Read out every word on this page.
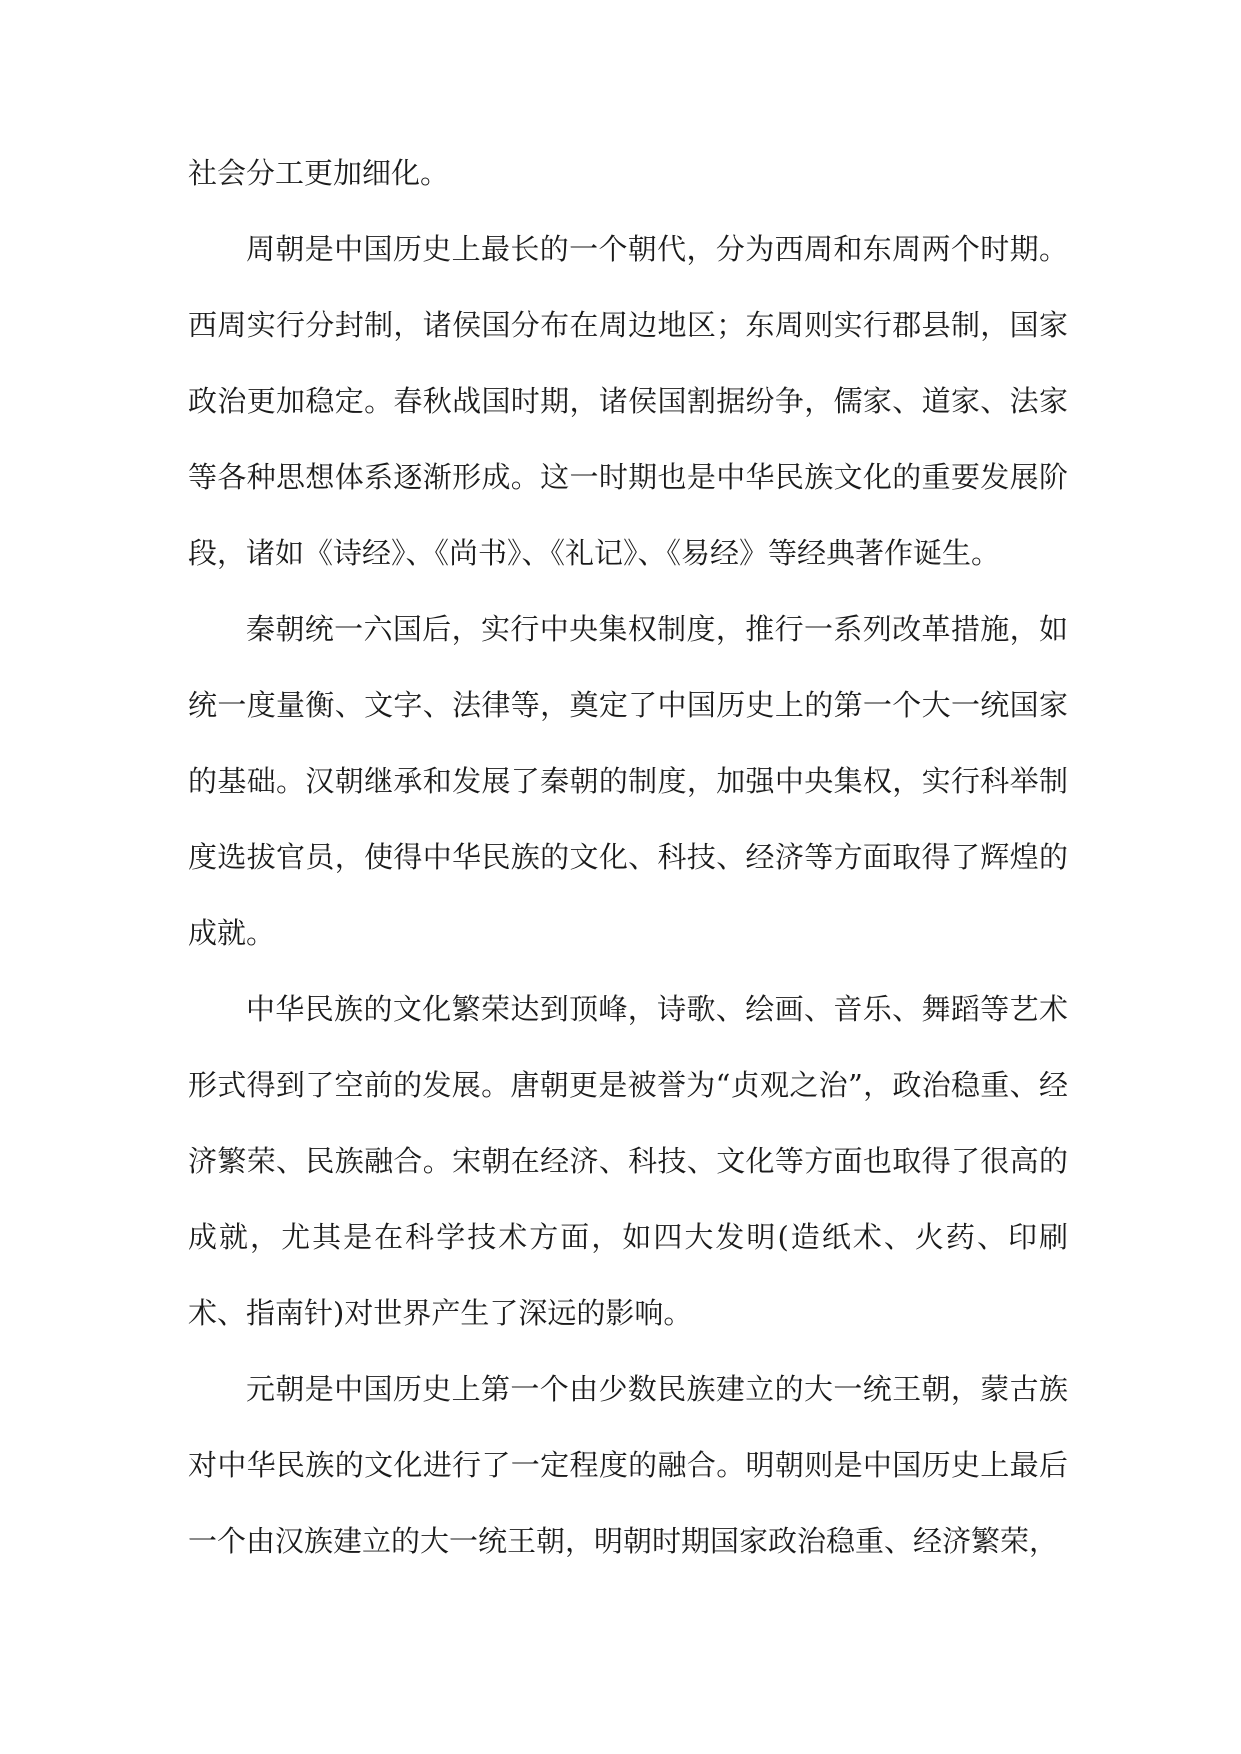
社会分工更加细化。

周朝是中国历史上最长的一个朝代，分为西周和东周两个时期。西周实行分封制，诸侯国分布在周边地区；东周则实行郡县制，国家政治更加稳定。春秋战国时期，诸侯国割据纷争，儒家、道家、法家等各种思想体系逐渐形成。这一时期也是中华民族文化的重要发展阶段，诸如《诗经》、《尚书》、《礼记》、《易经》等经典著作诞生。

秦朝统一六国后，实行中央集权制度，推行一系列改革措施，如统一度量衡、文字、法律等，奠定了中国历史上的第一个大一统国家的基础。汉朝继承和发展了秦朝的制度，加强中央集权，实行科举制度选拔官员，使得中华民族的文化、科技、经济等方面取得了辉煌的成就。

中华民族的文化繁荣达到顶峰，诗歌、绘画、音乐、舞蹈等艺术形式得到了空前的发展。唐朝更是被誉为“贞观之治”，政治稳重、经济繁荣、民族融合。宋朝在经济、科技、文化等方面也取得了很高的成就，尤其是在科学技术方面，如四大发明(造纸术、火药、印刷术、指南针)对世界产生了深远的影响。

元朝是中国历史上第一个由少数民族建立的大一统王朝，蒙古族对中华民族的文化进行了一定程度的融合。明朝则是中国历史上最后一个由汉族建立的大一统王朝，明朝时期国家政治稳重、经济繁荣，
